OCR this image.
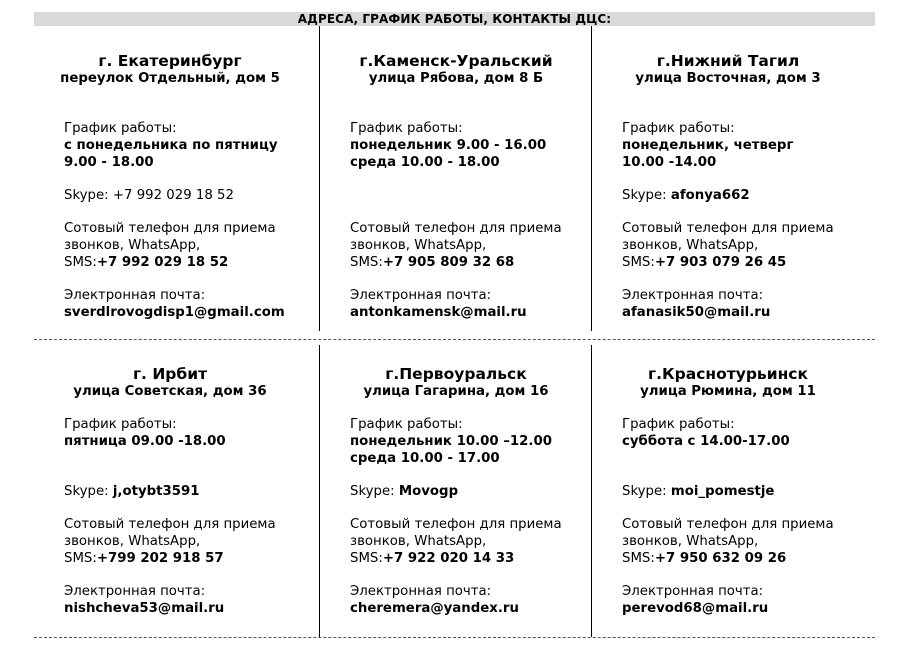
АДРЕСА, ГРАФИК РАБОТЫ, КОНТАКТЫ ДЦС:
г. Екатеринбург
переулок Отдельный, дом 5
График работы:
с понедельника по пятницу
9.00 - 18.00
Skype: +7 992 029 18 52
Сотовый телефон для приема
звонков, WhatsApp,
SMS:+7 992 029 18 52
Электронная почта:
sverdlrovogdisp1@gmail.com
г.Каменск-Уральский
улица Рябова, дом 8 Б
График работы:
понедельник 9.00 - 16.00
среда 10.00 - 18.00
Сотовый телефон для приема
звонков, WhatsApp,
SMS:+7 905 809 32 68
Электронная почта:
antonkamensk@mail.ru
г.Нижний Тагил
улица Восточная, дом 3
График работы:
понедельник, четверг
10.00 -14.00
Skype: afonya662
Сотовый телефон для приема
звонков, WhatsApp,
SMS:+7 903 079 26 45
Электронная почта:
afanasik50@mail.ru
г. Ирбит
улица Советская, дом 36
График работы:
пятница 09.00 -18.00
Skype: j,otybt3591
Сотовый телефон для приема
звонков, WhatsApp,
SMS:+799 202 918 57
Электронная почта:
nishcheva53@mail.ru
г.Первоуральск
улица Гагарина, дом 16
График работы:
понедельник 10.00 –12.00
среда 10.00 - 17.00
Skype: Movogp
Сотовый телефон для приема
звонков, WhatsApp,
SMS:+7 922 020 14 33
Электронная почта:
cheremera@yandex.ru
г.Краснотурьинск
улица Рюмина, дом 11
График работы:
суббота с 14.00-17.00
Skype: moi_pomestje
Сотовый телефон для приема
звонков, WhatsApp,
SMS:+7 950 632 09 26
Электронная почта:
perevod68@mail.ru
